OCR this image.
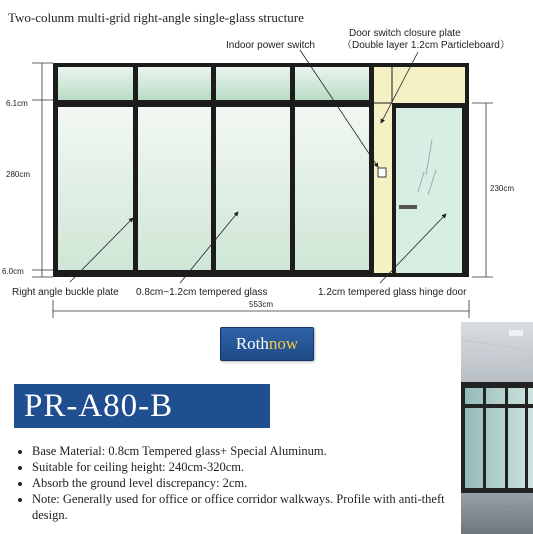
Two-colunm multi-grid right-angle single-glass structure
6.1cm
280cm
6.0cm
230cm
553cm
Indoor power switch
Door switch closure plate
（Double layer 1.2cm Particleboard）
Right angle buckle plate 0.8cm~1.2cm tempered glass	1.2cm tempered glass hinge door
Roth now
PR-A80-B
• Base Material: 0.8cm Tempered glass+ Special Aluminum.
• Suitable for ceiling height: 240cm-320cm.
• Absorb the ground level discrepancy: 2cm.
• Note: Generally used for office or office corridor walkways. Profile with anti-theft design.
